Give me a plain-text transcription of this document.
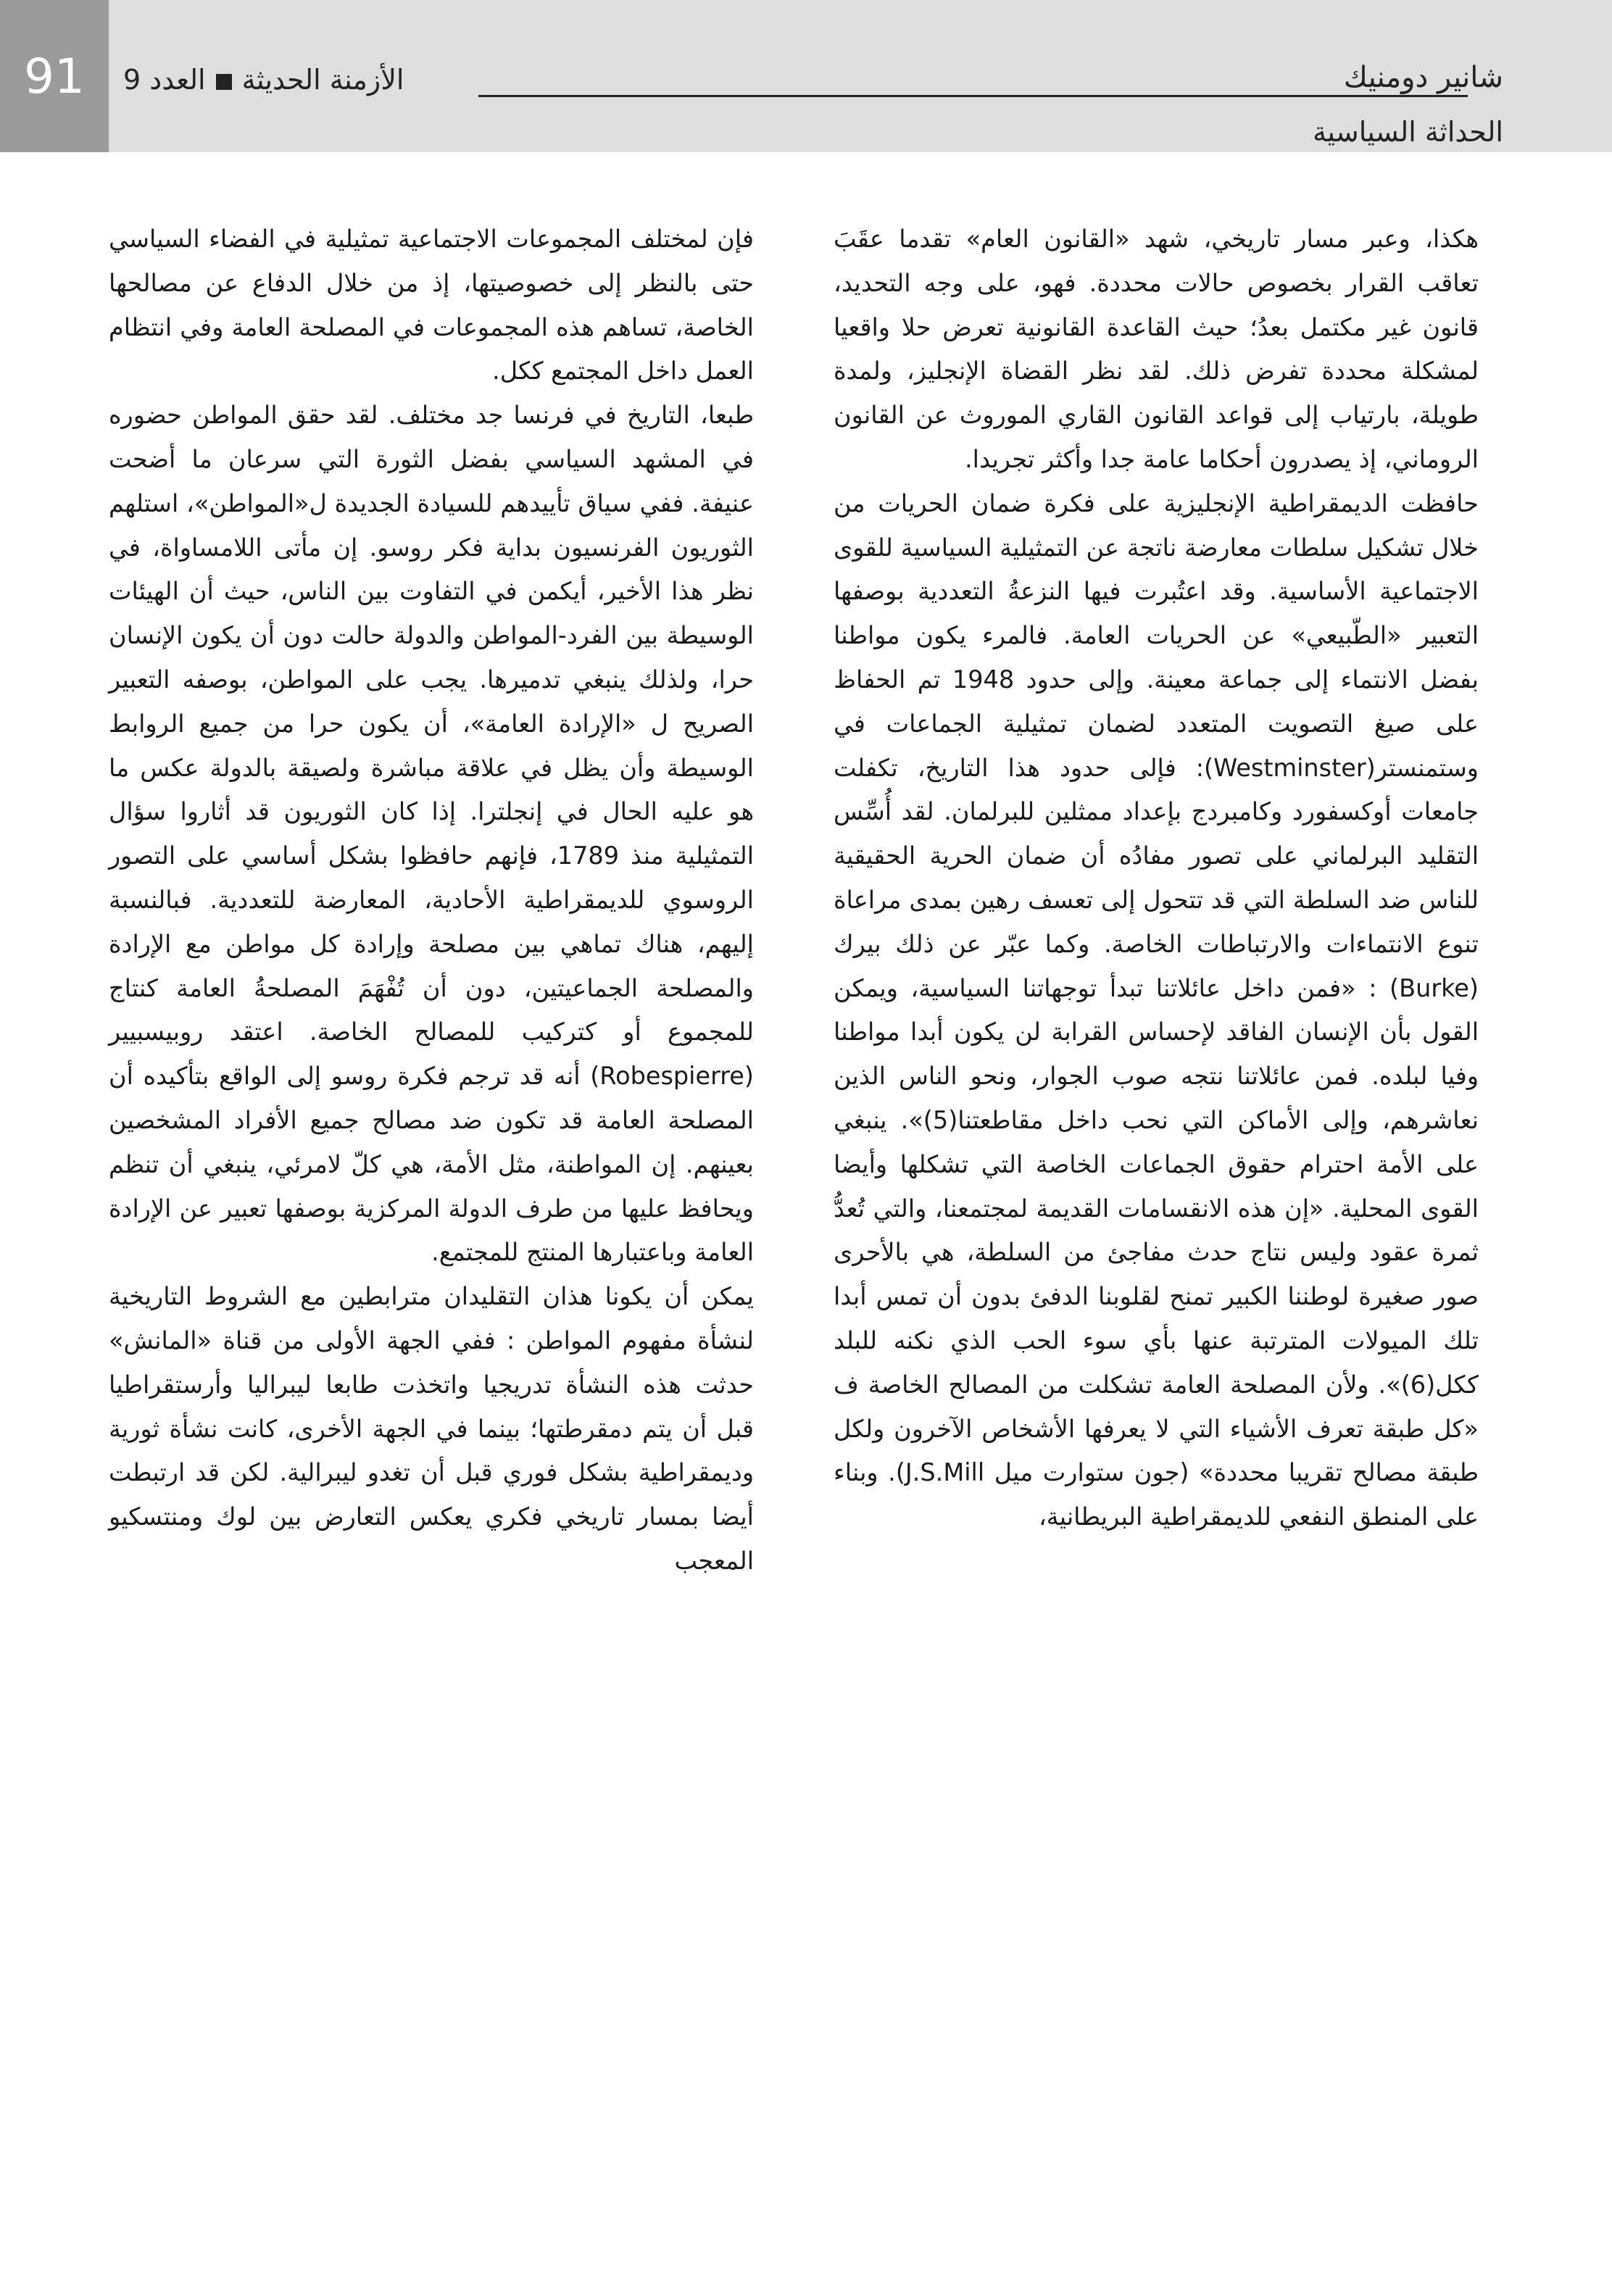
91	الأزمنة الحديثةالعدد 9	شانير دومنيك
الحداثة السياسية

هكذا، وعبر مسار تاريخي، شهد «القانون العام» تقدما عقَبَ تعاقب القرار بخصوص حالات محددة. فهو، على وجه التحديد، قانون غير مكتمل بعدُ؛ حيث القاعدة القانونية تعرض حلا واقعيا لمشكلة محددة تفرض ذلك. لقد نظر القضاة الإنجليز، ولمدة طويلة، بارتياب إلى قواعد القانون القاري الموروث عن القانون الروماني، إذ يصدرون أحكاما عامة جدا وأكثر تجريدا.

حافظت الديمقراطية الإنجليزية على فكرة ضمان الحريات من خلال تشكيل سلطات معارضة ناتجة عن التمثيلية السياسية للقوى الاجتماعية الأساسية. وقد اعتُبرت فيها النزعةُ التعددية بوصفها التعبير «الطّبيعي» عن الحريات العامة. فالمرء يكون مواطنا بفضل الانتماء إلى جماعة معينة. وإلى حدود 1948 تم الحفاظ على صيغ التصويت المتعدد لضمان تمثيلية الجماعات في وستمنستر(Westminster): فإلى حدود هذا التاريخ، تكفلت جامعات أوكسفورد وكامبردج بإعداد ممثلين للبرلمان. لقد أُسِّس التقليد البرلماني على تصور مفادُه أن ضمان الحرية الحقيقية للناس ضد السلطة التي قد تتحول إلى تعسف رهين بمدى مراعاة تنوع الانتماءات والارتباطات الخاصة. وكما عبّر عن ذلك بيرك (Burke) : «فمن داخل عائلاتنا تبدأ توجهاتنا السياسية، ويمكن القول بأن الإنسان الفاقد لإحساس القرابة لن يكون أبدا مواطنا وفيا لبلده. فمن عائلاتنا نتجه صوب الجوار، ونحو الناس الذين نعاشرهم، وإلى الأماكن التي نحب داخل مقاطعتنا(5)». ينبغي على الأمة احترام حقوق الجماعات الخاصة التي تشكلها وأيضا القوى المحلية. «إن هذه الانقسامات القديمة لمجتمعنا، والتي تُعدُّ ثمرة عقود وليس نتاج حدث مفاجئ من السلطة، هي بالأحرى صور صغيرة لوطننا الكبير تمنح لقلوبنا الدفئ بدون أن تمس أبدا تلك الميولات المترتبة عنها بأي سوء الحب الذي نكنه للبلد ككل(6)». ولأن المصلحة العامة تشكلت من المصالح الخاصة ف «كل طبقة تعرف الأشياء التي لا يعرفها الأشخاص الآخرون ولكل طبقة مصالح تقريبا محددة» (جون ستوارت ميل J.S.Mill). وبناء على المنطق النفعي للديمقراطية البريطانية،

فإن لمختلف المجموعات الاجتماعية تمثيلية في الفضاء السياسي حتى بالنظر إلى خصوصيتها، إذ من خلال الدفاع عن مصالحها الخاصة، تساهم هذه المجموعات في المصلحة العامة وفي انتظام العمل داخل المجتمع ككل.

طبعا، التاريخ في فرنسا جد مختلف. لقد حقق المواطن حضوره في المشهد السياسي بفضل الثورة التي سرعان ما أضحت عنيفة. ففي سياق تأييدهم للسيادة الجديدة ل«المواطن»، استلهم الثوريون الفرنسيون بداية فكر روسو. إن مأتى اللامساواة، في نظر هذا الأخير، أيكمن في التفاوت بين الناس، حيث أن الهيئات الوسيطة بين الفرد-المواطن والدولة حالت دون أن يكون الإنسان حرا، ولذلك ينبغي تدميرها. يجب على المواطن، بوصفه التعبير الصريح ل «الإرادة العامة»، أن يكون حرا من جميع الروابط الوسيطة وأن يظل في علاقة مباشرة ولصيقة بالدولة عكس ما هو عليه الحال في إنجلترا. إذا كان الثوريون قد أثاروا سؤال التمثيلية منذ 1789، فإنهم حافظوا بشكل أساسي على التصور الروسوي للديمقراطية الأحادية، المعارضة للتعددية. فبالنسبة إليهم، هناك تماهي بين مصلحة وإرادة كل مواطن مع الإرادة والمصلحة الجماعيتين، دون أن تُفْهَمَ المصلحةُ العامة كنتاج للمجموع أو كتركيب للمصالح الخاصة. اعتقد روبيسبيير (Robespierre) أنه قد ترجم فكرة روسو إلى الواقع بتأكيده أن المصلحة العامة قد تكون ضد مصالح جميع الأفراد المشخصين بعينهم. إن المواطنة، مثل الأمة، هي كلّ لامرئي، ينبغي أن تنظم ويحافظ عليها من طرف الدولة المركزية بوصفها تعبير عن الإرادة العامة وباعتبارها المنتج للمجتمع.

يمكن أن يكونا هذان التقليدان مترابطين مع الشروط التاريخية لنشأة مفهوم المواطن : ففي الجهة الأولى من قناة «المانش» حدثت هذه النشأة تدريجيا واتخذت طابعا ليبراليا وأرستقراطيا قبل أن يتم دمقرطتها؛ بينما في الجهة الأخرى، كانت نشأة ثورية وديمقراطية بشكل فوري قبل أن تغدو ليبرالية. لكن قد ارتبطت أيضا بمسار تاريخي فكري يعكس التعارض بين لوك ومنتسكيو المعجب
